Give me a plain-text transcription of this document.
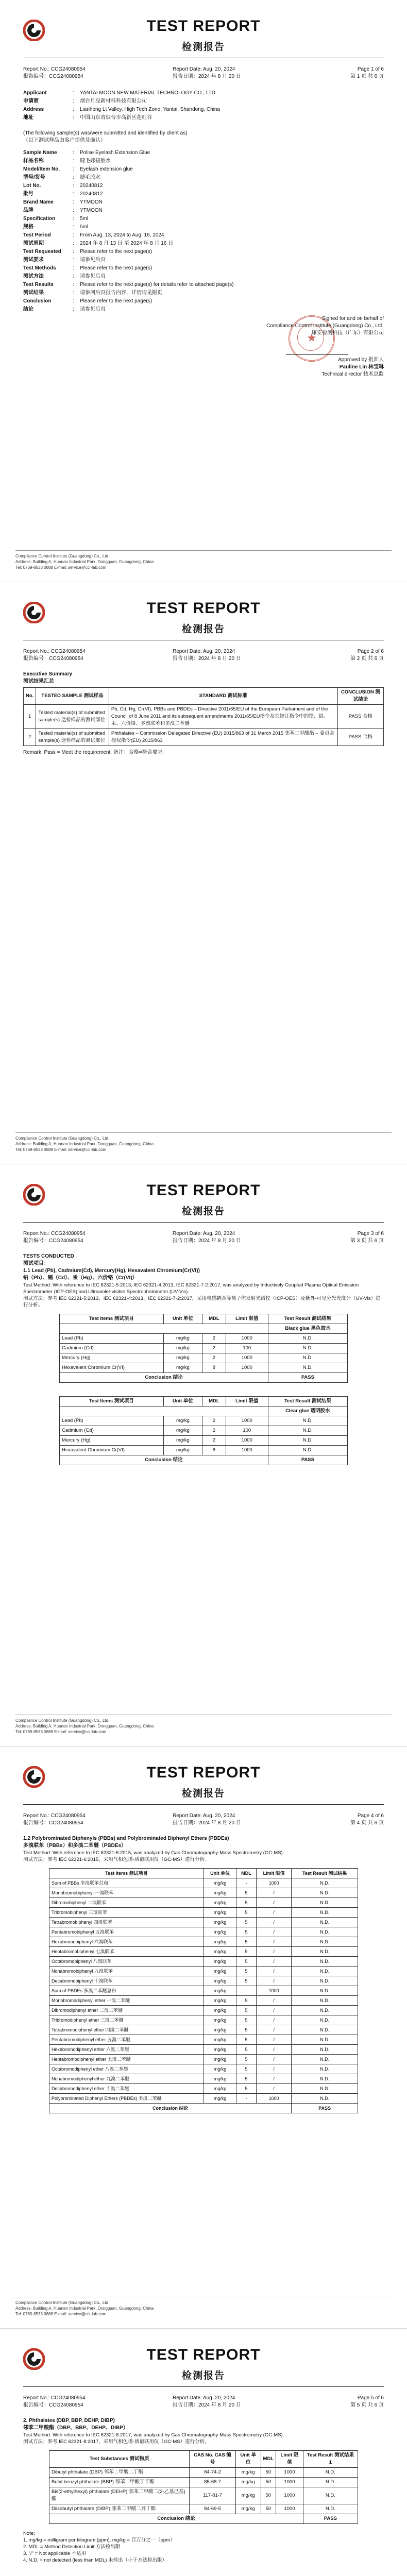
TEST REPORT
检测报告
Report No.: CCG24080954	Report Date: Aug. 20, 2024	Page 1 of 6
报告编号：CCG24080954	报告日期：2024 年 8 月 20 日	第 1 页 共 6 页
Applicant	: YANTAI MOON NEW MATERIAL TECHNOLOGY CO., LTD.
申请商	: 烟台月亮新材料科技有限公司
Address	: Lianhong Lt Valley, High Tech Zone, Yantai, Shandong, China
地址	: 中国山东省烟台市高新区莲虹谷
(The following sample(s) was/were submitted and identified by client as)
（以下测试样品由客户提供及确认）
Sample Name	: Polise Eyelash Extension Glue
样品名称	: 睫毛嫁接胶水
Model/Item No.	: Eyelash extension glue
型号/货号	: 睫毛胶水
Lot No.	: 20240812
批号	: 20240812
Brand Name	: YTMOON
品牌	: YTMOON
Specification	: 5ml
规格	: 5ml
Test Period	: From Aug. 13, 2024 to Aug. 16, 2024
测试周期	: 2024 年 8 月 13 日 至 2024 年 8 月 16 日
Test Requested	: Please refer to the next page(s)
测试要求	: 请参见后页
Test Methods	: Please refer to the next page(s)
测试方法	: 请参见后页
Test Results	: Please refer to the next page(s) for details refer to attached page(s)
测试结果	: 请参阅后页报告内容，详情请见附页
Conclusion	: Please refer to the next page(s)
结论	: 请参见后页
★
Signed for and on behalf of
Compliance Control Institute (Guangdong) Co., Ltd.
康安检测科技（广东）有限公司
Approved by 批准人
Pauline Lin 林宝琳
Technical director 技术总监
Compliance Control Institute (Guangdong) Co., Ltd.
Address: Building A, Huanan Industrial Park, Dongguan, Guangdong, China
Tel: 0769-8533 0888 E-mail: service@cci-lab.com
TEST REPORT
检测报告
Report No.: CCG24080954	Report Date: Aug. 20, 2024	Page 2 of 6
报告编号：CCG24080954	报告日期：2024 年 8 月 20 日	第 2 页 共 6 页
Executive Summary
测试结果汇总
No.	TESTED SAMPLE 测试样品	STANDARD 测试标准	CONCLUSION 测试结论
1	Tested material(s) of submitted sample(s) 送检样品的测试部位	Pb, Cd, Hg, Cr(VI), PBBs and PBDEs – Directive 2011/65/EU of the European Parliament and of the Council of 8 June 2011 and its subsequent amendments 2011/65/EU指令及其修订指令中的铅、镉、汞、六价铬、多溴联苯和多溴二苯醚	PASS 合格
2	Tested material(s) of submitted sample(s) 送检样品的测试部位	Phthalates – Commission Delegated Directive (EU) 2015/863 of 31 March 2015 邻苯二甲酸酯 – 委员会授权指令(EU) 2015/863	PASS 合格
Remark: Pass = Meet the requirement. 备注：合格=符合要求。
Compliance Control Institute (Guangdong) Co., Ltd.
Address: Building A, Huanan Industrial Park, Dongguan, Guangdong, China
Tel: 0769-8533 0888 E-mail: service@cci-lab.com
TEST REPORT
检测报告
Report No.: CCG24080954	Report Date: Aug. 20, 2024	Page 3 of 6
报告编号：CCG24080954	报告日期：2024 年 8 月 20 日	第 3 页 共 6 页
TESTS CONDUCTED
测试项目：
1.1 Lead (Pb), Cadmium(Cd), Mercury(Hg), Hexavalent Chromium(Cr(VI))
铅（Pb）、镉（Cd）、汞（Hg）、六价铬（Cr(VI)）
Test Method: With reference to IEC 62321-5:2013, IEC 62321-4:2013, IEC 62321-7-2:2017, was analyzed by Inductively Coupled Plasma Optical Emission Spectrometer (ICP-OES) and Ultraviolet-visible Spectrophotometer (UV-Vis).
测试方法：参考 IEC 62321-5:2013、IEC 62321-4:2013、IEC 62321-7-2:2017，采用电感耦合等离子体发射光谱仪（ICP-OES）及紫外-可见分光光度计（UV-Vis）进行分析。
Test Items 测试项目	Unit 单位	MDL	Limit 限值	Test Result 测试结果
				Black glue 黑色胶水
Lead (Pb)	mg/kg	2	1000	N.D.
Cadmium (Cd)	mg/kg	2	100	N.D.
Mercury (Hg)	mg/kg	2	1000	N.D.
Hexavalent Chromium Cr(VI)	mg/kg	8	1000	N.D.
Conclusion 结论				PASS
Test Items 测试项目	Unit 单位	MDL	Limit 限值	Test Result 测试结果
				Clear glue 透明胶水
Lead (Pb)	mg/kg	2	1000	N.D.
Cadmium (Cd)	mg/kg	2	100	N.D.
Mercury (Hg)	mg/kg	2	1000	N.D.
Hexavalent Chromium Cr(VI)	mg/kg	8	1000	N.D.
Conclusion 结论				PASS
Compliance Control Institute (Guangdong) Co., Ltd.
Address: Building A, Huanan Industrial Park, Dongguan, Guangdong, China
Tel: 0769-8533 0888 E-mail: service@cci-lab.com
TEST REPORT
检测报告
Report No.: CCG24080954	Report Date: Aug. 20, 2024	Page 4 of 6
报告编号：CCG24080954	报告日期：2024 年 8 月 20 日	第 4 页 共 6 页
1.2 Polybrominated Biphenyls (PBBs) and Polybrominated Diphenyl Ethers (PBDEs)
多溴联苯（PBBs）和多溴二苯醚（PBDEs）
Test Method: With reference to IEC 62321-6:2015, was analyzed by Gas Chromatography-Mass Spectrometry (GC-MS).
测试方法：参考 IEC 62321-6:2015，采用气相色谱-质谱联用仪（GC-MS）进行分析。
Test Items 测试项目	Unit 单位	MDL	Limit 限值	Test Result 测试结果
Sum of PBBs 多溴联苯总和	mg/kg	-	1000	N.D.
Monobromobiphenyl 一溴联苯	mg/kg	5	/	N.D.
Dibromobiphenyl 二溴联苯	mg/kg	5	/	N.D.
Tribromobiphenyl 三溴联苯	mg/kg	5	/	N.D.
Tetrabromobiphenyl 四溴联苯	mg/kg	5	/	N.D.
Pentabromobiphenyl 五溴联苯	mg/kg	5	/	N.D.
Hexabromobiphenyl 六溴联苯	mg/kg	5	/	N.D.
Heptabromobiphenyl 七溴联苯	mg/kg	5	/	N.D.
Octabromobiphenyl 八溴联苯	mg/kg	5	/	N.D.
Nonabromobiphenyl 九溴联苯	mg/kg	5	/	N.D.
Decabromobiphenyl 十溴联苯	mg/kg	5	/	N.D.
Sum of PBDEs 多溴二苯醚总和	mg/kg	-	1000	N.D.
Monobromodiphenyl ether 一溴二苯醚	mg/kg	5	/	N.D.
Dibromodiphenyl ether 二溴二苯醚	mg/kg	5	/	N.D.
Tribromodiphenyl ether 三溴二苯醚	mg/kg	5	/	N.D.
Tetrabromodiphenyl ether 四溴二苯醚	mg/kg	5	/	N.D.
Pentabromodiphenyl ether 五溴二苯醚	mg/kg	5	/	N.D.
Hexabromodiphenyl ether 六溴二苯醚	mg/kg	5	/	N.D.
Heptabromodiphenyl ether 七溴二苯醚	mg/kg	5	/	N.D.
Octabromodiphenyl ether 八溴二苯醚	mg/kg	5	/	N.D.
Nonabromodiphenyl ether 九溴二苯醚	mg/kg	5	/	N.D.
Decabromodiphenyl ether 十溴二苯醚	mg/kg	5	/	N.D.
Polybrominated Diphenyl Ethers (PBDEs) 多溴二苯醚	mg/kg	-	1000	N.D.
Conclusion 结论				PASS
Compliance Control Institute (Guangdong) Co., Ltd.
Address: Building A, Huanan Industrial Park, Dongguan, Guangdong, China
Tel: 0769-8533 0888 E-mail: service@cci-lab.com
TEST REPORT
检测报告
Report No.: CCG24080954	Report Date: Aug. 20, 2024	Page 5 of 6
报告编号：CCG24080954	报告日期：2024 年 8 月 20 日	第 5 页 共 6 页
2. Phthalates (DBP, BBP, DEHP, DIBP)
邻苯二甲酸酯（DBP、BBP、DEHP、DIBP）
Test Method: With reference to IEC 62321-8:2017, was analyzed by Gas Chromatography-Mass Spectrometry (GC-MS).
测试方法：参考 IEC 62321-8:2017，采用气相色谱-质谱联用仪（GC-MS）进行分析。
Test Substances 测试物质	CAS No. CAS 编号	Unit 单位	MDL	Limit 限值	Test Result 测试结果 1
Dibutyl phthalate (DBP) 邻苯二甲酸二丁酯	84-74-2	mg/kg	50	1000	N.D.
Butyl benzyl phthalate (BBP) 邻苯二甲酸丁苄酯	85-68-7	mg/kg	50	1000	N.D.
Bis(2-ethylhexyl) phthalate (DEHP) 邻苯二甲酸二(2-乙基己基)酯	117-81-7	mg/kg	50	1000	N.D.
Diisobutyl phthalate (DIBP) 邻苯二甲酸二异丁酯	84-69-5	mg/kg	50	1000	N.D.
Conclusion 结论					PASS
Note:
1. mg/kg = milligram per kilogram (ppm), mg/kg = 百万分之一（ppm）
2. MDL = Method Detection Limit 方法检出限
3. "/" = Not applicable 不适用
4. N.D. = not detected (less than MDL) 未检出（小于方法检出限）
